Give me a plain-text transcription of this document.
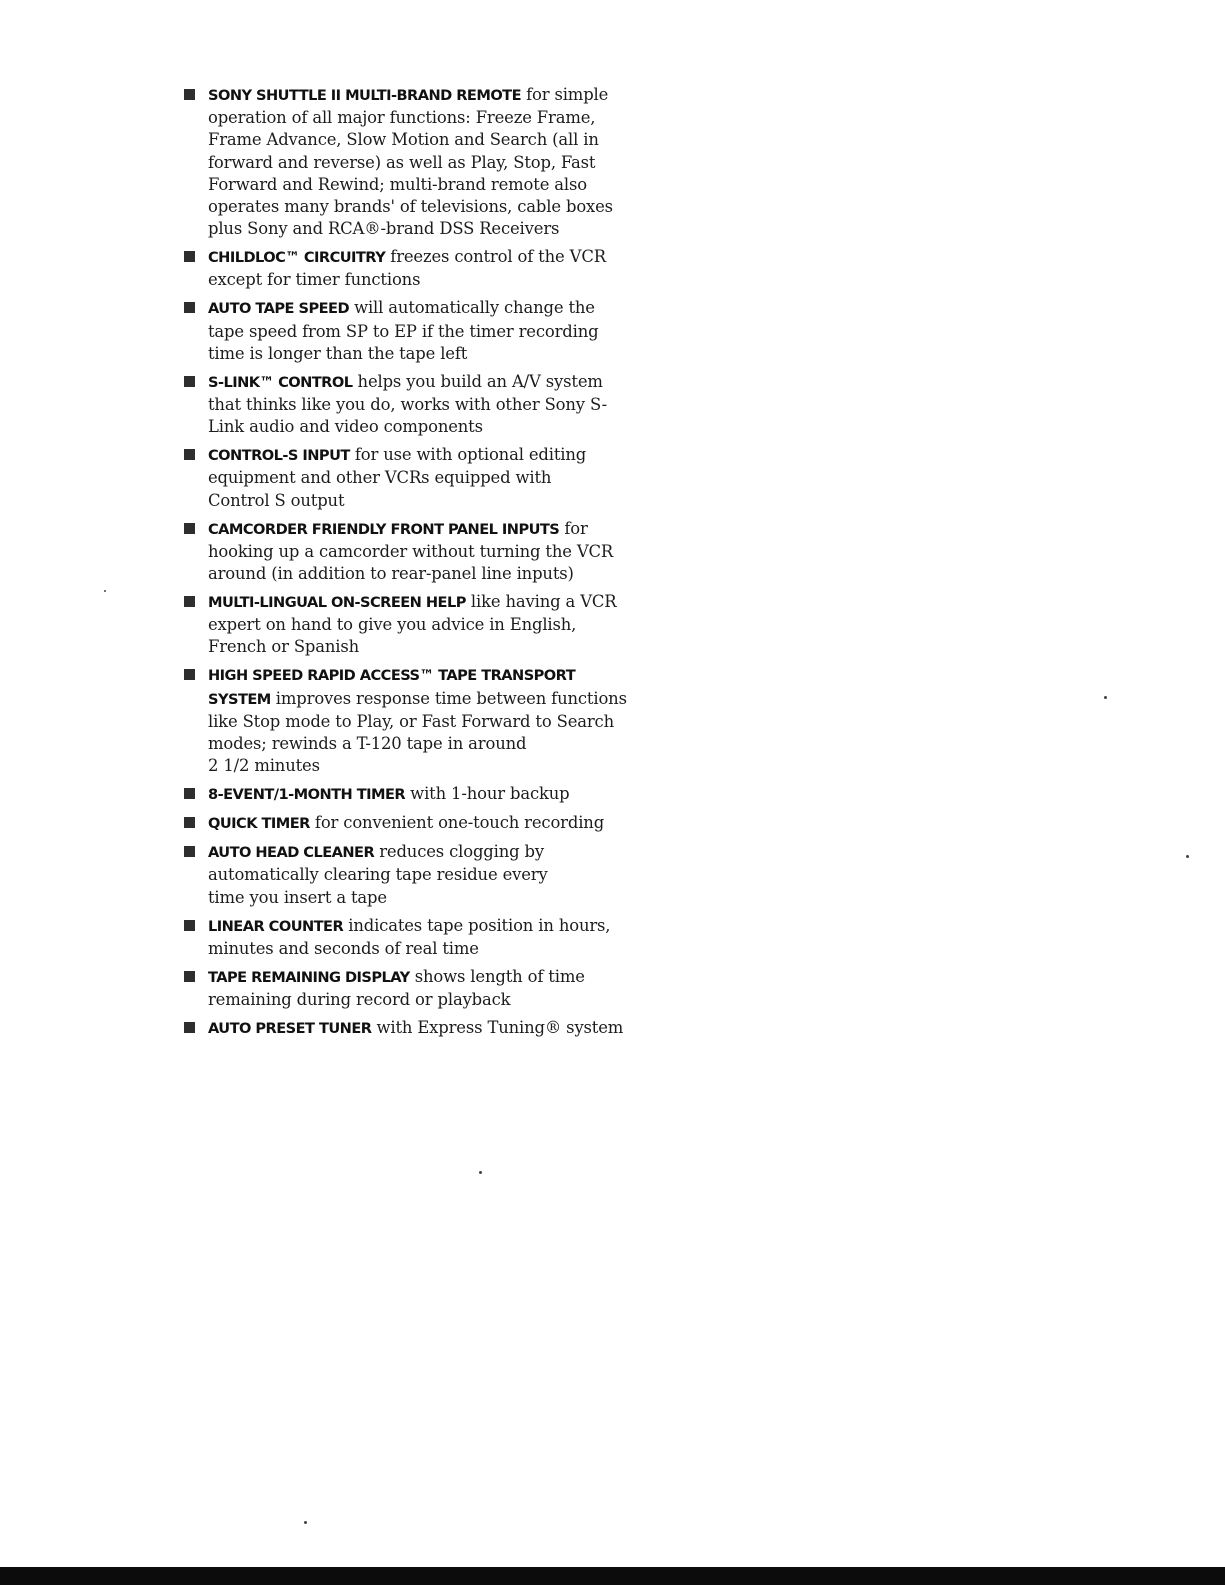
SONY SHUTTLE II MULTI-BRAND REMOTE for simple
operation of all major functions: Freeze Frame,
Frame Advance, Slow Motion and Search (all in
forward and reverse) as well as Play, Stop, Fast
Forward and Rewind; multi-brand remote also
operates many brands' of televisions, cable boxes
plus Sony and RCA®-brand DSS Receivers
CHILDLOC™ CIRCUITRY freezes control of the VCR
except for timer functions
AUTO TAPE SPEED will automatically change the
tape speed from SP to EP if the timer recording
time is longer than the tape left
S-LINK™ CONTROL helps you build an A/V system
that thinks like you do, works with other Sony S-
Link audio and video components
CONTROL-S INPUT for use with optional editing
equipment and other VCRs equipped with
Control S output
CAMCORDER FRIENDLY FRONT PANEL INPUTS for
hooking up a camcorder without turning the VCR
around (in addition to rear-panel line inputs)
MULTI-LINGUAL ON-SCREEN HELP like having a VCR
expert on hand to give you advice in English,
French or Spanish
HIGH SPEED RAPID ACCESS™ TAPE TRANSPORT
SYSTEM improves response time between functions
like Stop mode to Play, or Fast Forward to Search
modes; rewinds a T-120 tape in around
2 1/2 minutes
8-EVENT/1-MONTH TIMER with 1-hour backup
QUICK TIMER for convenient one-touch recording
AUTO HEAD CLEANER reduces clogging by
automatically clearing tape residue every
time you insert a tape
LINEAR COUNTER indicates tape position in hours,
minutes and seconds of real time
TAPE REMAINING DISPLAY shows length of time
remaining during record or playback
AUTO PRESET TUNER with Express Tuning® system
